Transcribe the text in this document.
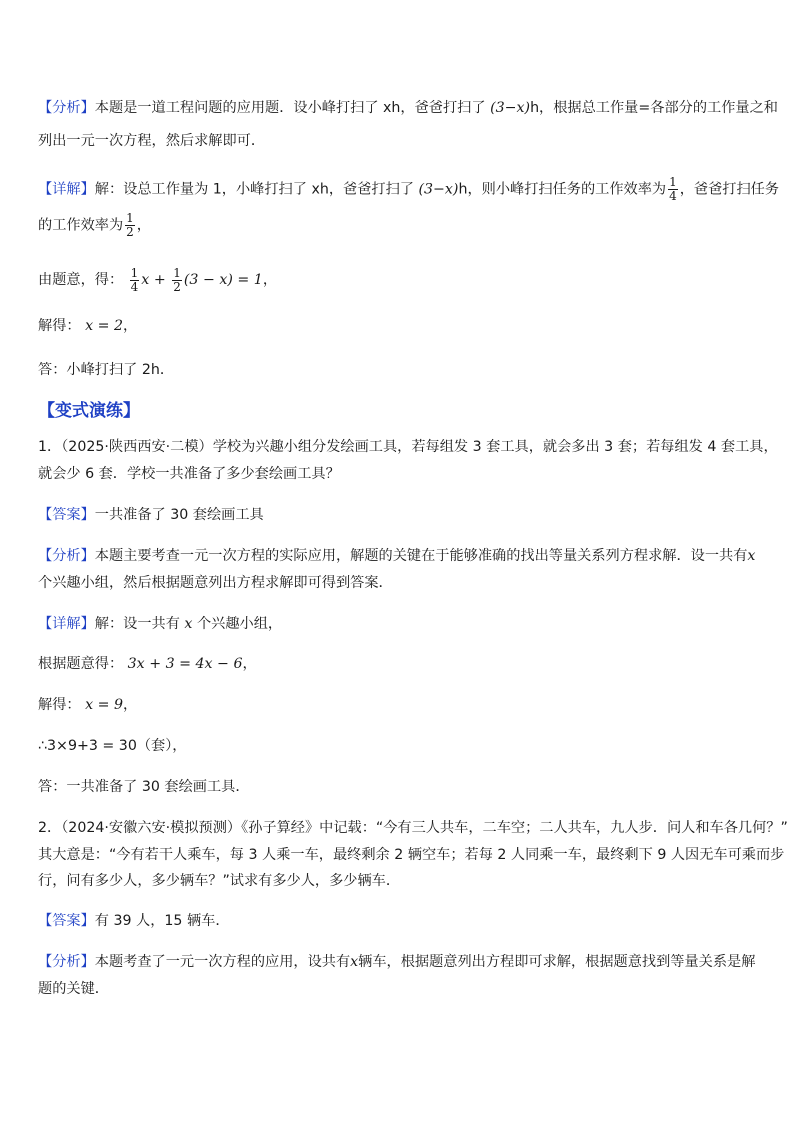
【分析】本题是一道工程问题的应用题．设小峰打扫了 xh，爸爸打扫了 (3−x)h，根据总工作量=各部分的工作量之和
列出一元一次方程，然后求解即可．
【详解】解：设总工作量为 1，小峰打扫了 xh，爸爸打扫了 (3−x)h，则小峰打扫任务的工作效率为 $\frac{1}{4}$ ，爸爸打扫任务
的工作效率为 $\frac{1}{2}$ ，
由题意，得： $\frac{1}{4}$ $x + \frac{1}{2} (3 - x) = 1$，
解得： x = 2，
答：小峰打扫了 2h．
【变式演练】
1．（2025·陕西西安·二模）学校为兴趣小组分发绘画工具，若每组发 3 套工具，就会多出 3 套；若每组发 4 套工具，
就会少 6 套．学校一共准备了多少套绘画工具？
【答案】一共准备了 30 套绘画工具
【分析】本题主要考查一元一次方程的实际应用，解题的关键在于能够准确的找出等量关系列方程求解．设一共有x
个兴趣小组，然后根据题意列出方程求解即可得到答案．
【详解】解：设一共有 x 个兴趣小组，
根据题意得： 3x + 3 = 4x − 6，
解得： x = 9，
∴3×9+3 = 30（套），
答：一共准备了 30 套绘画工具．
2．（2024·安徽六安·模拟预测）《孙子算经》中记载：“今有三人共车，二车空；二人共车，九人步．问人和车各几何？”
其大意是：“今有若干人乘车，每 3 人乘一车，最终剩余 2 辆空车；若每 2 人同乘一车，最终剩下 9 人因无车可乘而步
行，问有多少人，多少辆车？”试求有多少人，多少辆车．
【答案】有 39 人，15 辆车．
【分析】本题考查了一元一次方程的应用，设共有x辆车，根据题意列出方程即可求解，根据题意找到等量关系是解
题的关键．
